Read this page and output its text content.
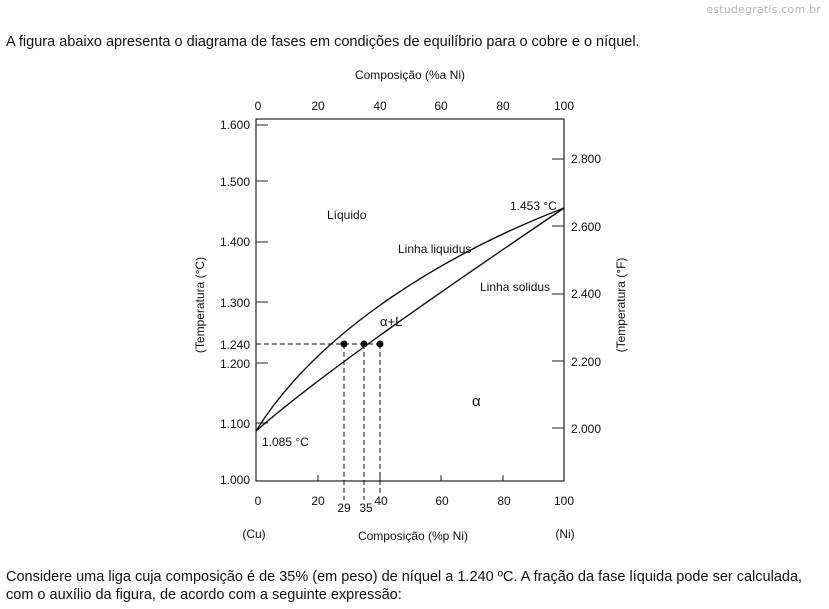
estudegratis.com.br
A figura abaixo apresenta o diagrama de fases em condições de equilíbrio para o cobre e o níquel.
Composição (%a Ni)
Composição (%p Ni)
(Cu)	(Ni)
(Temperatura (°C)	(Temperatura (°F)
0	20	40	60	80	100
0	20	40	60	80	100
29 35
1.600
1.500
1.400
1.300
1.240
1.200
1.100
1.000
2.800
2.600
2.400
2.200
2.000
Líquido
α+L
α
Linha liquidus
Linha solidus
1.453 °C
1.085 °C
Considere uma liga cuja composição é de 35% (em peso) de níquel a 1.240 ºC. A fração da fase líquida pode ser calculada, com o auxílio da figura, de acordo com a seguinte expressão:
